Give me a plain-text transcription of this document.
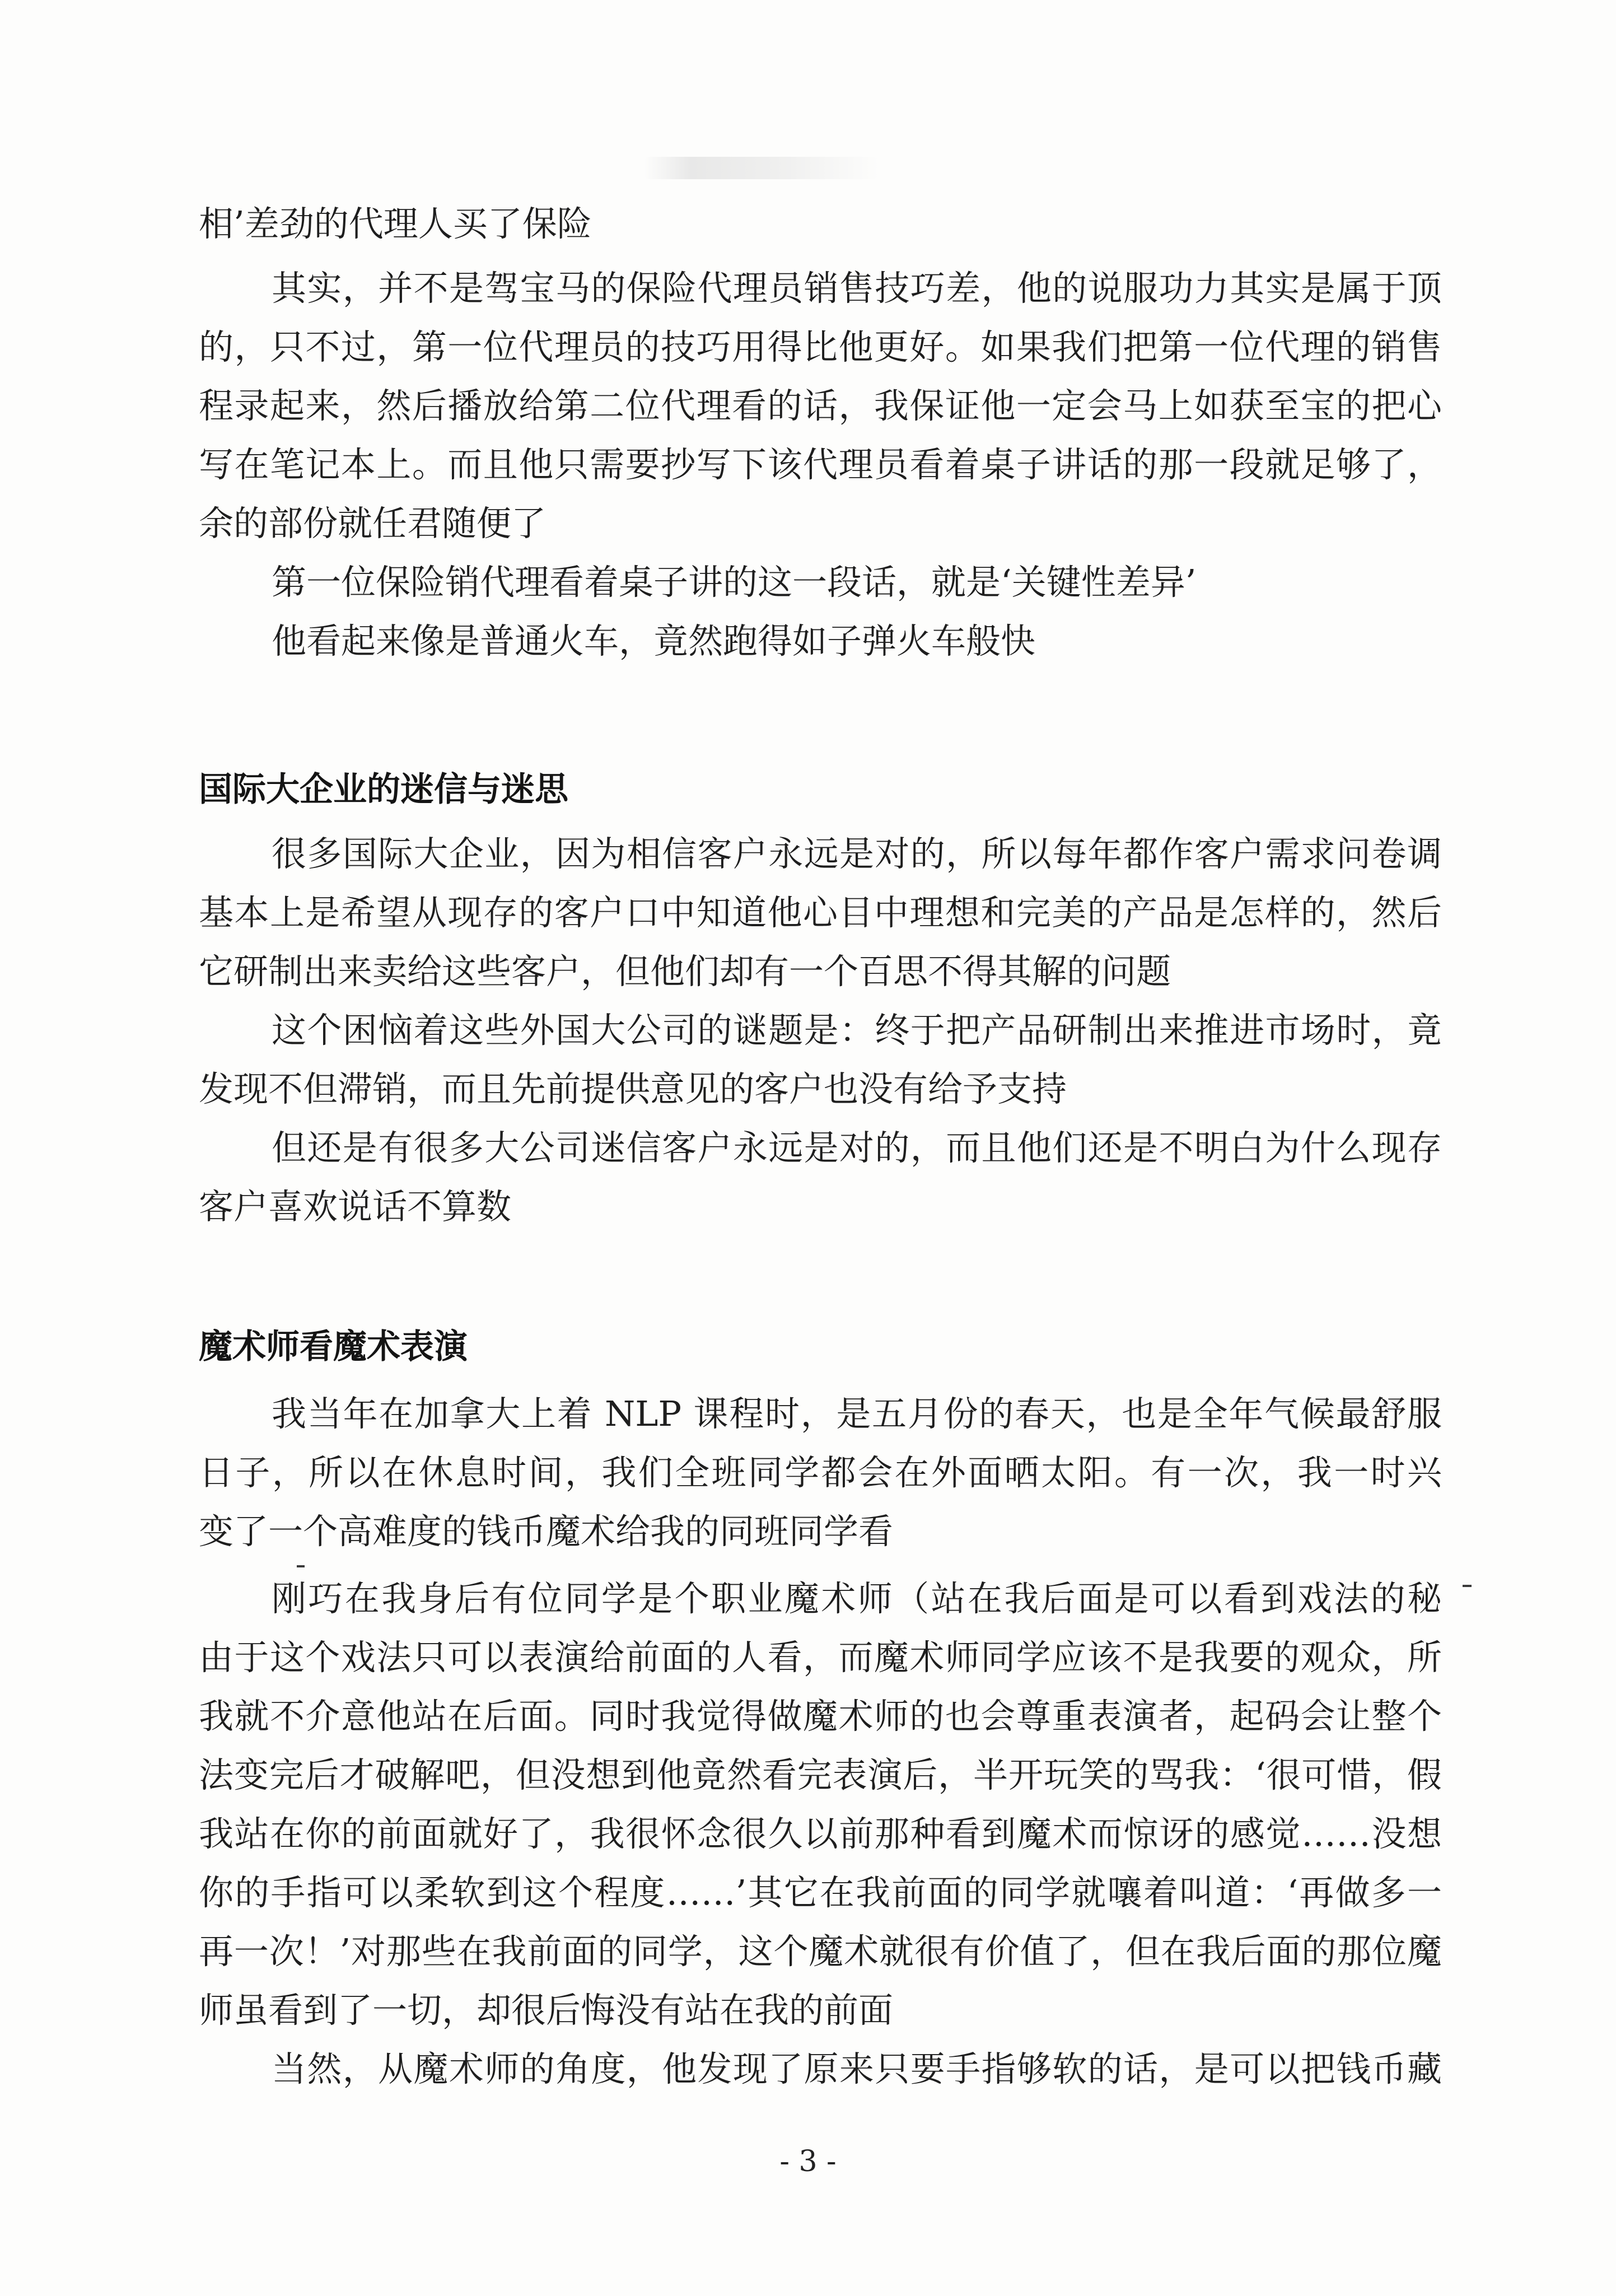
相’差劲的代理人买了保险
其实，并不是驾宝马的保险代理员销售技巧差，他的说服功力其实是属于顶
的，只不过，第一位代理员的技巧用得比他更好。如果我们把第一位代理的销售
程录起来，然后播放给第二位代理看的话，我保证他一定会马上如获至宝的把心
写在笔记本上。而且他只需要抄写下该代理员看着桌子讲话的那一段就足够了，
余的部份就任君随便了
第一位保险销代理看着桌子讲的这一段话，就是‘关键性差异’
他看起来像是普通火车，竟然跑得如子弹火车般快
国际大企业的迷信与迷思
很多国际大企业，因为相信客户永远是对的，所以每年都作客户需求问卷调
基本上是希望从现存的客户口中知道他心目中理想和完美的产品是怎样的，然后
它研制出来卖给这些客户，但他们却有一个百思不得其解的问题
这个困恼着这些外国大公司的谜题是：终于把产品研制出来推进市场时，竟
发现不但滞销，而且先前提供意见的客户也没有给予支持
但还是有很多大公司迷信客户永远是对的，而且他们还是不明白为什么现存
客户喜欢说话不算数
魔术师看魔术表演
我当年在加拿大上着 NLP 课程时，是五月份的春天，也是全年气候最舒服
日子，所以在休息时间，我们全班同学都会在外面晒太阳。有一次，我一时兴
变了一个高难度的钱币魔术给我的同班同学看
刚巧在我身后有位同学是个职业魔术师（站在我后面是可以看到戏法的秘
由于这个戏法只可以表演给前面的人看，而魔术师同学应该不是我要的观众，所
我就不介意他站在后面。同时我觉得做魔术师的也会尊重表演者，起码会让整个
法变完后才破解吧，但没想到他竟然看完表演后，半开玩笑的骂我：‘很可惜，假
我站在你的前面就好了，我很怀念很久以前那种看到魔术而惊讶的感觉……没想
你的手指可以柔软到这个程度……’其它在我前面的同学就嚷着叫道：‘再做多一
再一次！’对那些在我前面的同学，这个魔术就很有价值了，但在我后面的那位魔
师虽看到了一切，却很后悔没有站在我的前面
当然，从魔术师的角度，他发现了原来只要手指够软的话，是可以把钱币藏
- 3 -
